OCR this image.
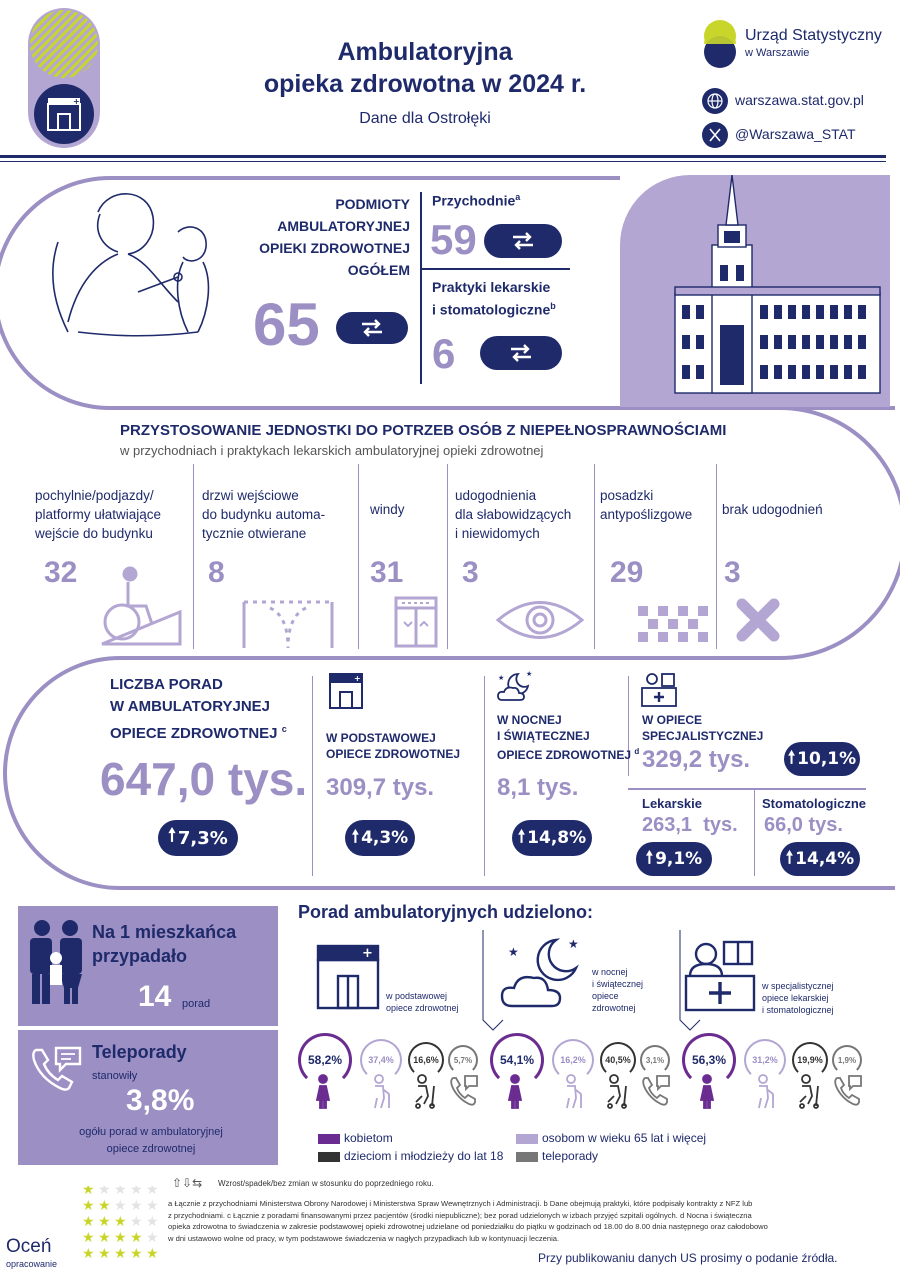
+
Ambulatoryjna
opieka zdrowotna w 2024 r.
Dane dla Ostrołęki
Urząd Statystyczny
w Warszawie
warszawa.stat.gov.pl
@Warszawa_STAT
PODMIOTY
AMBULATORYJNEJ
OPIEKI ZDROWOTNEJ
OGÓŁEM
65
Przychodnie$^a$
59
Praktyki lekarskie
i stomatologiczne$^b$
6
PRZYSTOSOWANIE JEDNOSTKI DO POTRZEB OSÓB Z NIEPEŁNOSPRAWNOŚCIAMI
w przychodniach i praktykach lekarskich ambulatoryjnej opieki zdrowotnej
pochylnie/podjazdy/
platformy ułatwiające
wejście do budynku
32
drzwi wejściowe
do budynku automa-
tycznie otwierane
8
windy
31
udogodnienia
dla słabowidzących
i niewidomych
3
posadzki
antypoślizgowe
29
brak udogodnień
3
LICZBA PORAD
W AMBULATORYJNEJ
OPIECE ZDROWOTNEJ $^c$
647,0 tys.
🠕 7,3%
+
W PODSTAWOWEJ
OPIECE ZDROWOTNEJ
309,7 tys.
🠕 4,3%
★	★
W NOCNEJ
I ŚWIĄTECZNEJ
OPIECE ZDROWOTNEJ $^d$
8,1 tys.
🠕 14,8%
W OPIECE
SPECJALISTYCZNEJ
329,2 tys. 🠕 10,1%
Lekarskie
263,1 tys.
🠕 9,1%
Stomatologiczne
66,0 tys.
🠕 14,4%
Na 1 mieszkańca
przypadało
14 porad
Teleporady
stanowiły
3,8%
ogółu porad w ambulatoryjnej
opiece zdrowotnej
Porad ambulatoryjnych udzielono:
+
w podstawowej
opiece zdrowotnej
★
★
w nocnej
i świątecznej
opiece
zdrowotnej
w specjalistycznej
opiece lekarskiej
i stomatologicznej
58,2%	37,4% 16,6% 5,7% 54,1%	16,2% 40,5% 3,1% 56,3%	31,2% 19,9% 1,9%
kobietom	osobom w wieku 65 lat i więcej
dzieciom i młodzieży do lat 18	teleporady
⇧⇩⇆ Wzrost/spadek/bez zmian w stosunku do poprzedniego roku.
a Łącznie z przychodniami Ministerstwa Obrony Narodowej i Ministerstwa Spraw Wewnętrznych i Administracji. b Dane obejmują praktyki, które podpisały kontrakty z NFZ lub
z przychodniami. c Łącznie z poradami finansowanymi przez pacjentów (środki niepubliczne); bez porad udzielonych w izbach przyjęć szpitali ogólnych. d Nocna i świąteczna
opieka zdrowotna to świadczenia w zakresie podstawowej opieki zdrowotnej udzielane od poniedziałku do piątku w godzinach od 18.00 do 8.00 dnia następnego oraz całodobowo
w dni ustawowo wolne od pracy, w tym podstawowe świadczenia w nagłych przypadkach lub w kontynuacji leczenia.
★ ★ ★ ★ ★
★ ★ ★ ★ ★
★ ★ ★ ★ ★
★ ★ ★ ★ ★
★ ★ ★ ★ ★
Oceń
opracowanie	Przy publikowaniu danych US prosimy o podanie źródła.
